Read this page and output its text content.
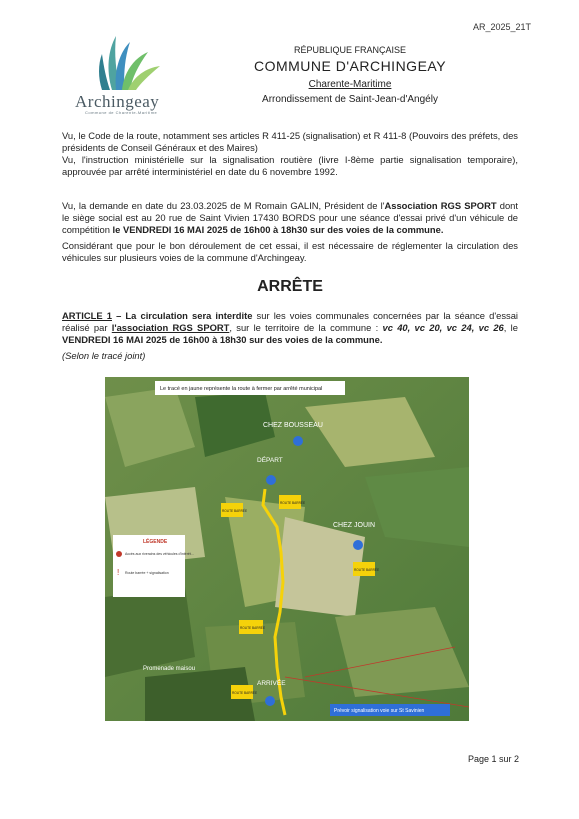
AR_2025_21T
Archingeay
Commune de Charente-Maritime
RÉPUBLIQUE FRANÇAISE
COMMUNE D'ARCHINGEAY
Charente-Maritime
Arrondissement de Saint-Jean-d'Angély
Vu, le Code de la route, notamment ses articles R 411-25 (signalisation) et R 411-8 (Pouvoirs des préfets, des présidents de Conseil Généraux et des Maires)
Vu, l'instruction ministérielle sur la signalisation routière (livre I-8ème partie signalisation temporaire), approuvée par arrêté interministériel en date du 6 novembre 1992.
Vu, la demande en date du 23.03.2025 de M Romain GALIN, Président de l'Association RGS SPORT dont le siège social est au 20 rue de Saint Vivien 17430 BORDS pour une séance d'essai privé d'un véhicule de compétition le VENDREDI 16 MAI 2025 de 16h00 à 18h30 sur des voies de la commune.
Considérant que pour le bon déroulement de cet essai, il est nécessaire de réglementer la circulation des véhicules sur plusieurs voies de la commune d'Archingeay.
ARRÊTE
ARTICLE 1 – La circulation sera interdite sur les voies communales concernées par la séance d'essai réalisé par l'association RGS SPORT, sur le territoire de la commune : vc 40, vc 20, vc 24, vc 26, le VENDREDI 16 MAI 2025 de 16h00 à 18h30 sur des voies de la commune.
(Selon le tracé joint)
Le tracé en jaune représente la route à fermer par arrêté municipal
CHEZ BOUSSEAU
DÉPART
CHEZ JOUIN
ARRIVÉE
Promenade maisou
ROUTE BARRÉE
ROUTE BARRÉE
ROUTE BARRÉE
ROUTE BARRÉE
ROUTE BARRÉE
LÉGENDE
Accès aux riverains des véhicules d'intérêt...
! Route barrée + signalisation
Prévoir signalisation voie sur St Savinien
Page 1 sur 2
